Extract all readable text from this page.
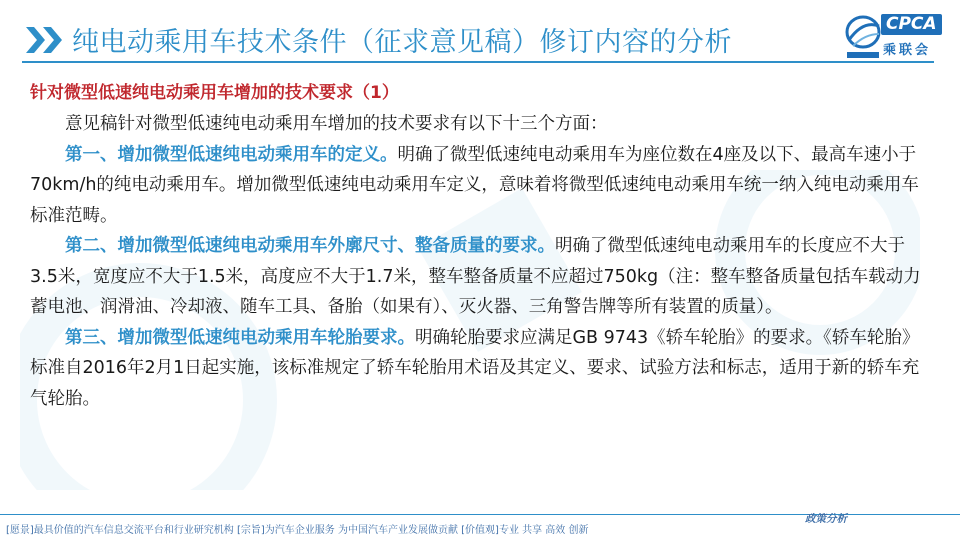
纯电动乘用车技术条件（征求意见稿）修订内容的分析
CPCA
乘联会
针对微型低速纯电动乘用车增加的技术要求（1）

意见稿针对微型低速纯电动乘用车增加的技术要求有以下十三个方面：

第一、增加微型低速纯电动乘用车的定义。明确了微型低速纯电动乘用车为座位数在4座及以下、最高车速小于70km/h的纯电动乘用车。增加微型低速纯电动乘用车定义，意味着将微型低速纯电动乘用车统一纳入纯电动乘用车标准范畴。

第二、增加微型低速纯电动乘用车外廓尺寸、整备质量的要求。明确了微型低速纯电动乘用车的长度应不大于3.5米，宽度应不大于1.5米，高度应不大于1.7米，整车整备质量不应超过750kg（注：整车整备质量包括车载动力蓄电池、润滑油、冷却液、随车工具、备胎（如果有）、灭火器、三角警告牌等所有装置的质量）。

第三、增加微型低速纯电动乘用车轮胎要求。明确轮胎要求应满足GB 9743《轿车轮胎》的要求。《轿车轮胎》 标准自2016年2月1日起实施，该标准规定了轿车轮胎用术语及其定义、要求、试验方法和标志，适用于新的轿车充气轮胎。

[愿景]最具价值的汽车信息交流平台和行业研究机构 [宗旨]为汽车企业服务 为中国汽车产业发展做贡献 [价值观]专业 共享 高效 创新
政策分析
